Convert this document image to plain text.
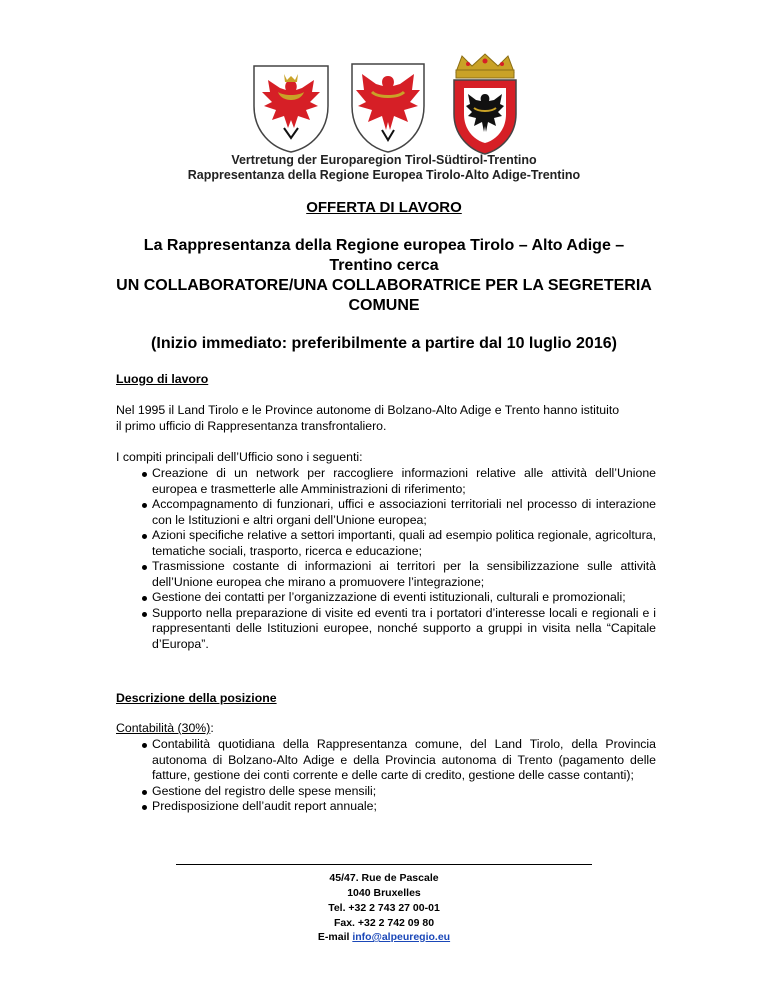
Vertretung der Europaregion Tirol-Südtirol-Trentino
Rappresentanza della Regione Europea Tirolo-Alto Adige-Trentino
OFFERTA DI LAVORO
La Rappresentanza della Regione europea Tirolo – Alto Adige –
Trentino cerca
UN COLLABORATORE/UNA COLLABORATRICE PER LA SEGRETERIA
COMUNE
(Inizio immediato: preferibilmente a partire dal 10 luglio 2016)
Luogo di lavoro
Nel 1995 il Land Tirolo e le Province autonome di Bolzano-Alto Adige e Trento hanno istituito
il primo ufficio di Rappresentanza transfrontaliero.
I compiti principali dell’Ufficio sono i seguenti:
Creazione di un network per raccogliere informazioni relative alle attività dell’Unione europea e trasmetterle alle Amministrazioni di riferimento;
Accompagnamento di funzionari, uffici e associazioni territoriali nel processo di interazione con le Istituzioni e altri organi dell’Unione europea;
Azioni specifiche relative a settori importanti, quali ad esempio politica regionale, agricoltura, tematiche sociali, trasporto, ricerca e educazione;
Trasmissione costante di informazioni ai territori per la sensibilizzazione sulle attività dell’Unione europea che mirano a promuovere l’integrazione;
Gestione dei contatti per l’organizzazione di eventi istituzionali, culturali e promozionali;
Supporto nella preparazione di visite ed eventi tra i portatori d’interesse locali e regionali e i rappresentanti delle Istituzioni europee, nonché supporto a gruppi in visita nella “Capitale d’Europa”.
Descrizione della posizione
Contabilità (30%):
Contabilità quotidiana della Rappresentanza comune, del Land Tirolo, della Provincia autonoma di Bolzano-Alto Adige e della Provincia autonoma di Trento (pagamento delle fatture, gestione dei conti corrente e delle carte di credito, gestione delle casse contanti);
Gestione del registro delle spese mensili;
Predisposizione dell’audit report annuale;
45/47. Rue de Pascale
1040 Bruxelles
Tel. +32 2 743 27 00-01
Fax. +32 2 742 09 80
E-mail info@alpeuregio.eu
